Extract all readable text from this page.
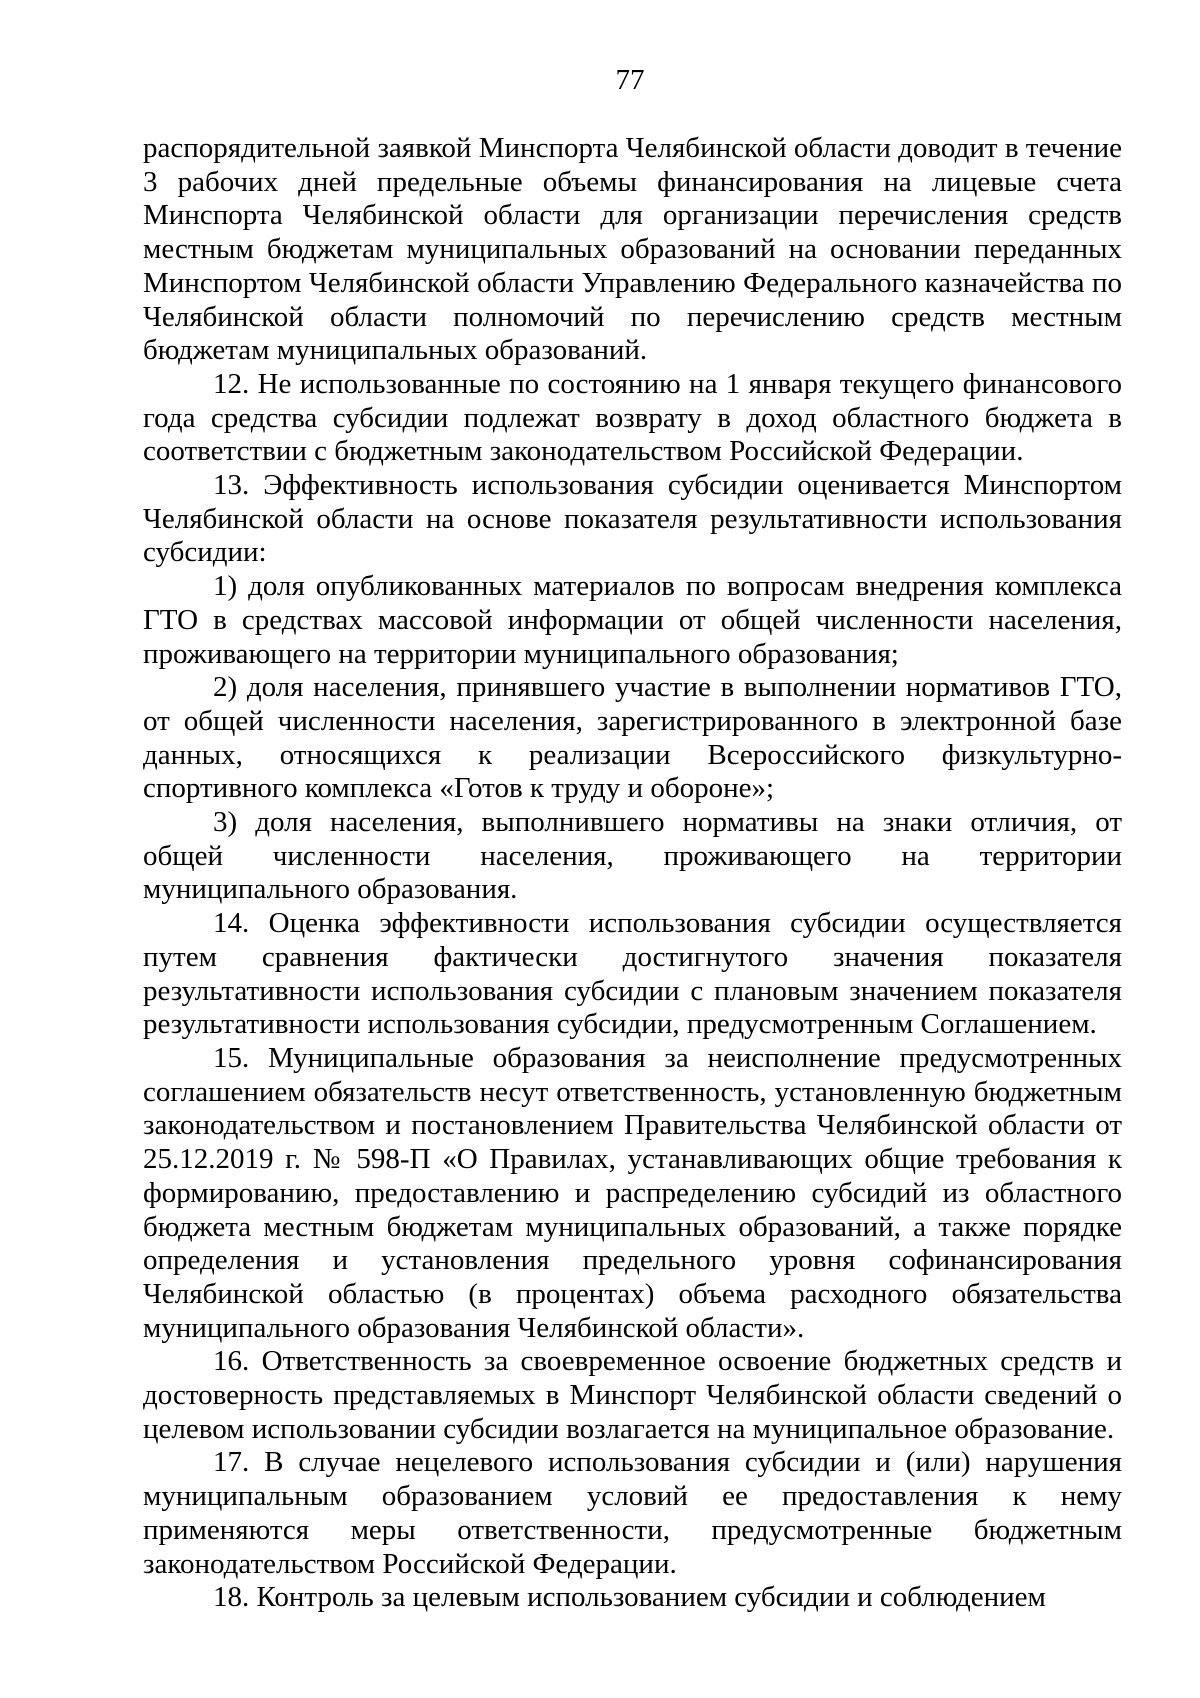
77

распорядительной заявкой Минспорта Челябинской области доводит в течение 3 рабочих дней предельные объемы финансирования на лицевые счета Минспорта Челябинской области для организации перечисления средств местным бюджетам муниципальных образований на основании переданных Минспортом Челябинской области Управлению Федерального казначейства по Челябинской области полномочий по перечислению средств местным бюджетам муниципальных образований.

12. Не использованные по состоянию на 1 января текущего финансового года средства субсидии подлежат возврату в доход областного бюджета в соответствии с бюджетным законодательством Российской Федерации.

13. Эффективность использования субсидии оценивается Минспортом Челябинской области на основе показателя результативности использования субсидии:

1) доля опубликованных материалов по вопросам внедрения комплекса ГТО в средствах массовой информации от общей численности населения, проживающего на территории муниципального образования;

2) доля населения, принявшего участие в выполнении нормативов ГТО, от общей численности населения, зарегистрированного в электронной базе данных, относящихся к реализации Всероссийского физкультурно-спортивного комплекса «Готов к труду и обороне»;

3) доля населения, выполнившего нормативы на знаки отличия, от общей численности населения, проживающего на территории муниципального образования.

14. Оценка эффективности использования субсидии осуществляется путем сравнения фактически достигнутого значения показателя результативности использования субсидии с плановым значением показателя результативности использования субсидии, предусмотренным Соглашением.

15. Муниципальные образования за неисполнение предусмотренных соглашением обязательств несут ответственность, установленную бюджетным законодательством и постановлением Правительства Челябинской области от 25.12.2019 г. № 598-П «О Правилах, устанавливающих общие требования к формированию, предоставлению и распределению субсидий из областного бюджета местным бюджетам муниципальных образований, а также порядке определения и установления предельного уровня софинансирования Челябинской областью (в процентах) объема расходного обязательства муниципального образования Челябинской области».

16. Ответственность за своевременное освоение бюджетных средств и достоверность представляемых в Минспорт Челябинской области сведений о целевом использовании субсидии возлагается на муниципальное образование.

17. В случае нецелевого использования субсидии и (или) нарушения муниципальным образованием условий ее предоставления к нему применяются меры ответственности, предусмотренные бюджетным законодательством Российской Федерации.

18. Контроль за целевым использованием субсидии и соблюдением
